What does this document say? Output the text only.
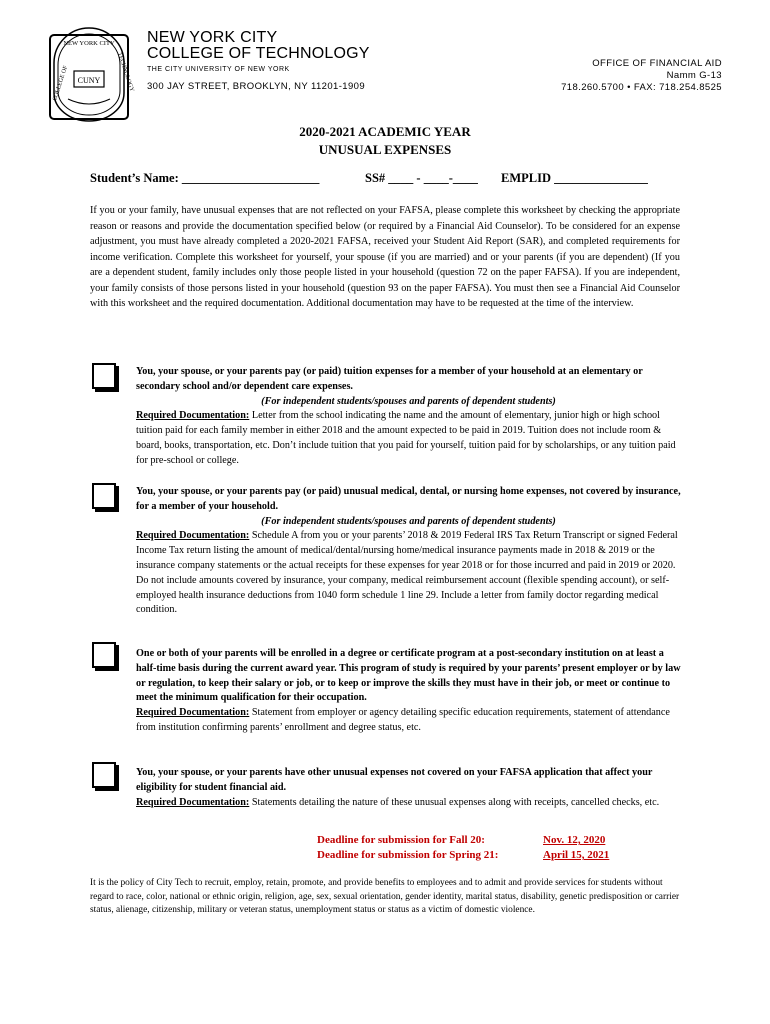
NEW YORK CITY
COLLEGE OF	TECHNOLOGY
CUNY
NEW YORK CITY
COLLEGE OF TECHNOLOGY
THE CITY UNIVERSITY OF NEW YORK
300 JAY STREET, BROOKLYN, NY 11201-1909
OFFICE OF FINANCIAL AID
Namm G-13
718.260.5700 • FAX: 718.254.8525
2020-2021 ACADEMIC YEAR
UNUSUAL EXPENSES
Student’s Name: ______________________	SS# ____ - ____-____ EMPLID _______________
If you or your family, have unusual expenses that are not reflected on your FAFSA, please complete this worksheet by checking the appropriate reason or reasons and provide the documentation specified below (or required by a Financial Aid Counselor). To be considered for an expense adjustment, you must have already completed a 2020-2021 FAFSA, received your Student Aid Report (SAR), and completed requirements for income verification. Complete this worksheet for yourself, your spouse (if you are married) and or your parents (if you are dependent) (If you are a dependent student, family includes only those people listed in your household (question 72 on the paper FAFSA). If you are independent, your family consists of those persons listed in your household (question 93 on the paper FAFSA). You must then see a Financial Aid Counselor with this worksheet and the required documentation. Additional documentation may have to be requested at the time of the interview.
You, your spouse, or your parents pay (or paid) tuition expenses for a member of your household at an elementary or secondary school and/or dependent care expenses.
(For independent students/spouses and parents of dependent students)
Required Documentation: Letter from the school indicating the name and the amount of elementary, junior high or high school tuition paid for each family member in either 2018 and the amount expected to be paid in 2019. Tuition does not include room & board, books, transportation, etc. Don’t include tuition that you paid for yourself, tuition paid for by scholarships, or any tuition paid for pre-school or college.
You, your spouse, or your parents pay (or paid) unusual medical, dental, or nursing home expenses, not covered by insurance, for a member of your household.
(For independent students/spouses and parents of dependent students)
Required Documentation: Schedule A from you or your parents’ 2018 & 2019 Federal IRS Tax Return Transcript or signed Federal Income Tax return listing the amount of medical/dental/nursing home/medical insurance payments made in 2018 & 2019 or the insurance company statements or the actual receipts for these expenses for year 2018 or for those incurred and paid in 2019 or 2020. Do not include amounts covered by insurance, your company, medical reimbursement account (flexible spending account), or self-employed health insurance deductions from 1040 form schedule 1 line 29. Include a letter from family doctor regarding medical condition.
One or both of your parents will be enrolled in a degree or certificate program at a post-secondary institution on at least a half-time basis during the current award year. This program of study is required by your parents’ present employer or by law or regulation, to keep their salary or job, or to keep or improve the skills they must have in their job, or meet or continue to meet the minimum qualification for their occupation.
Required Documentation: Statement from employer or agency detailing specific education requirements, statement of attendance from institution confirming parents’ enrollment and degree status, etc.
You, your spouse, or your parents have other unusual expenses not covered on your FAFSA application that affect your eligibility for student financial aid.
Required Documentation: Statements detailing the nature of these unusual expenses along with receipts, cancelled checks, etc.
Deadline for submission for Fall 20:	Nov. 12, 2020
Deadline for submission for Spring 21:	April 15, 2021
It is the policy of City Tech to recruit, employ, retain, promote, and provide benefits to employees and to admit and provide services for students without regard to race, color, national or ethnic origin, religion, age, sex, sexual orientation, gender identity, marital status, disability, genetic predisposition or carrier status, alienage, citizenship, military or veteran status, unemployment status or status as a victim of domestic violence.
